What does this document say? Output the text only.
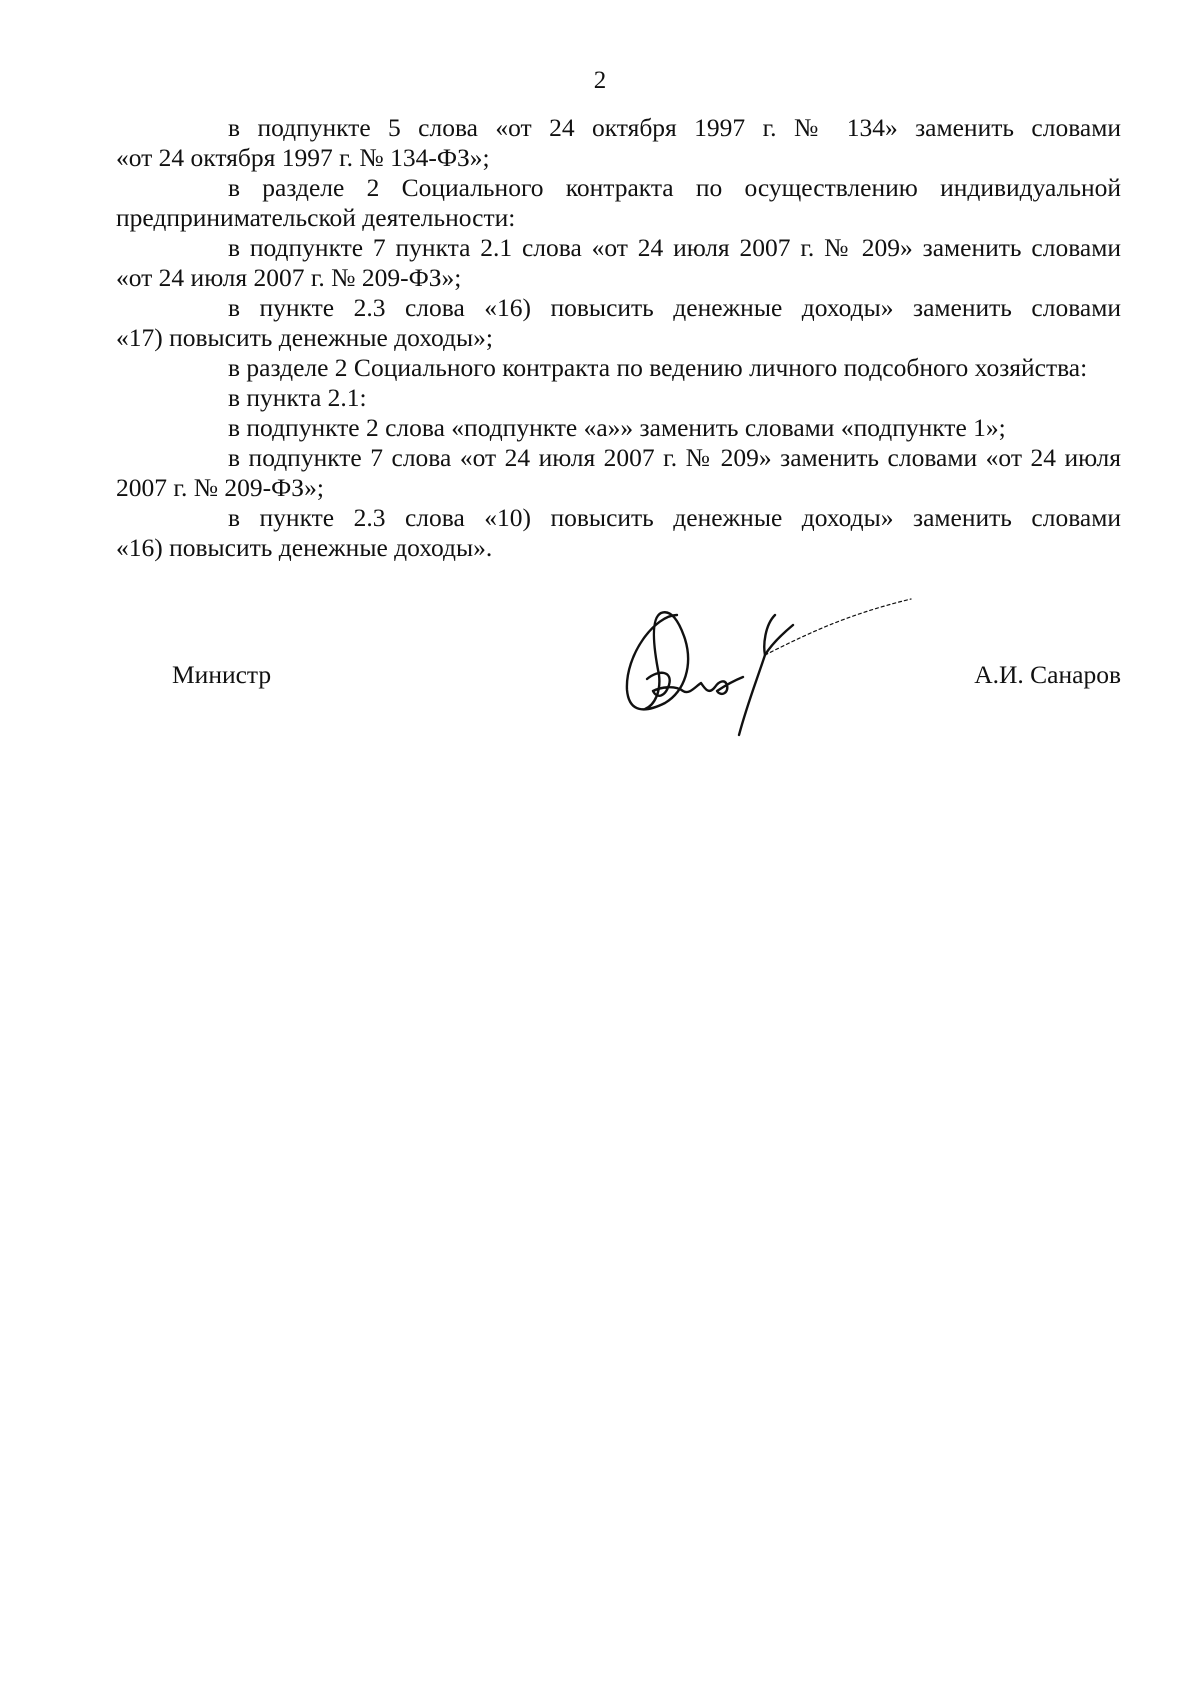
2

в подпункте 5 слова «от 24 октября 1997 г. № 134» заменить словами
«от 24 октября 1997 г. № 134-ФЗ»;

в разделе 2 Социального контракта по осуществлению индивидуальной
предпринимательской деятельности:

в подпункте 7 пункта 2.1 слова «от 24 июля 2007 г. № 209» заменить словами
«от 24 июля 2007 г. № 209-ФЗ»;

в пункте 2.3 слова «16) повысить денежные доходы» заменить словами
«17) повысить денежные доходы»;

в разделе 2 Социального контракта по ведению личного подсобного хозяйства:

в пункта 2.1:

в подпункте 2 слова «подпункте «а»» заменить словами «подпункте 1»;

в подпункте 7 слова «от 24 июля 2007 г. № 209» заменить словами «от 24 июля
2007 г. № 209-ФЗ»;

в пункте 2.3 слова «10) повысить денежные доходы» заменить словами
«16) повысить денежные доходы».

Министр	А.И. Санаров
